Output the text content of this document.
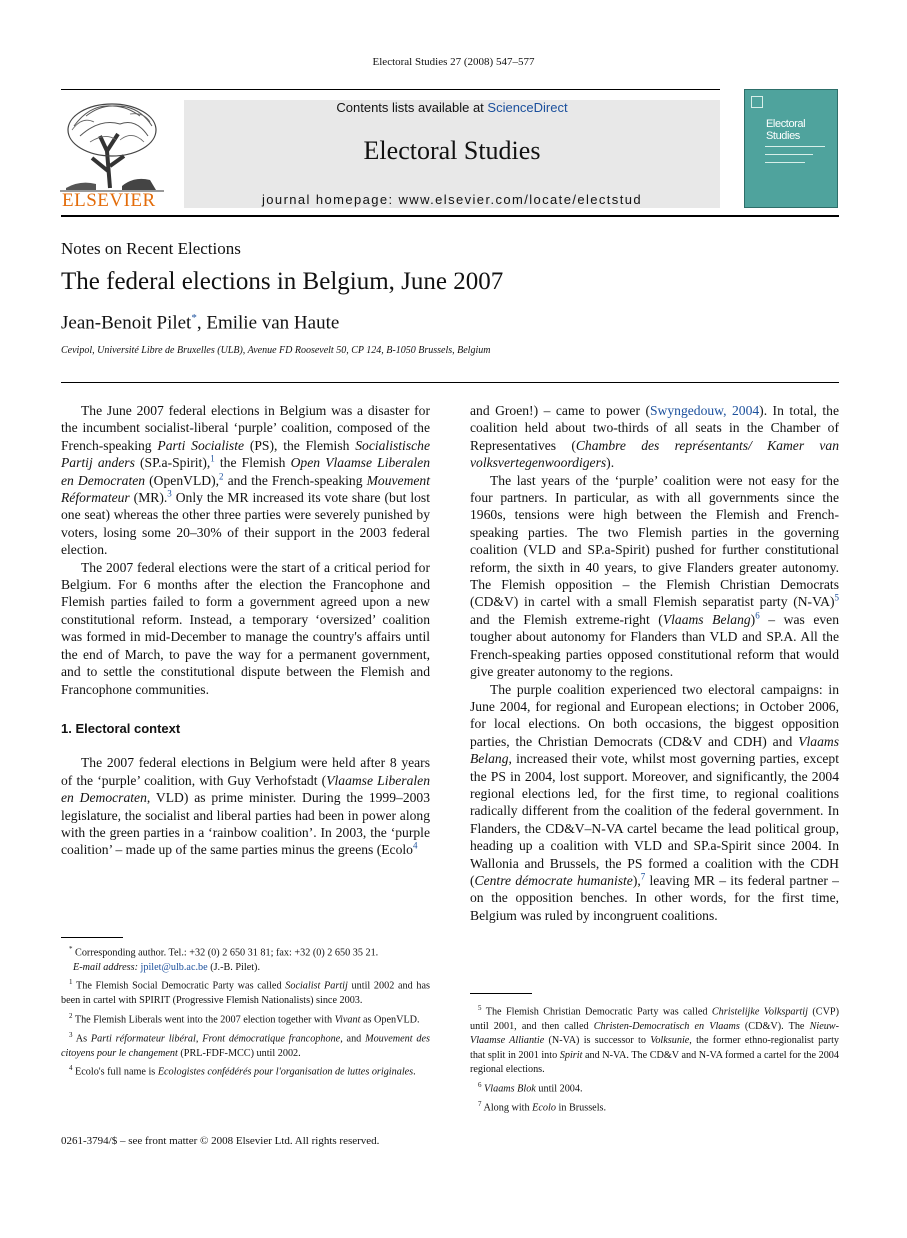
Electoral Studies 27 (2008) 547–577
ELSEVIER
Contents lists available at ScienceDirect
Electoral Studies
journal homepage: www.elsevier.com/locate/electstud
Electoral
Studies
Notes on Recent Elections
The federal elections in Belgium, June 2007
Jean-Benoit Pilet*, Emilie van Haute
Cevipol, Université Libre de Bruxelles (ULB), Avenue FD Roosevelt 50, CP 124, B-1050 Brussels, Belgium

The June 2007 federal elections in Belgium was a disaster for the incumbent socialist-liberal ‘purple’ coalition, composed of the French-speaking Parti Socialiste (PS), the Flemish Socialistische Partij anders (SP.a-Spirit),$^1$ the Flemish Open Vlaamse Liberalen en Democraten (OpenVLD),$^2$ and the French-speaking Mouvement Réformateur (MR).$^3$ Only the MR increased its vote share (but lost one seat) whereas the other three parties were severely punished by voters, losing some 20–30% of their support in the 2003 federal election.

The 2007 federal elections were the start of a critical period for Belgium. For 6 months after the election the Francophone and Flemish parties failed to form a government agreed upon a new constitutional reform. Instead, a temporary ‘oversized’ coalition was formed in mid-December to manage the country's affairs until the end of March, to pave the way for a permanent government, and to settle the constitutional dispute between the Flemish and Francophone communities.

1. Electoral context

The 2007 federal elections in Belgium were held after 8 years of the ‘purple’ coalition, with Guy Verhofstadt (Vlaamse Liberalen en Democraten, VLD) as prime minister. During the 1999–2003 legislature, the socialist and liberal parties had been in power along with the green parties in a ‘rainbow coalition’. In 2003, the ‘purple coalition’ – made up of the same parties minus the greens (Ecolo$^4$

and Groen!) – came to power (Swyngedouw, 2004). In total, the coalition held about two-thirds of all seats in the Chamber of Representatives (Chambre des représentants/ Kamer van volksvertegenwoordigers).

The last years of the ‘purple’ coalition were not easy for the four partners. In particular, as with all governments since the 1960s, tensions were high between the Flemish and French-speaking parties. The two Flemish parties in the governing coalition (VLD and SP.a-Spirit) pushed for further constitutional reform, the sixth in 40 years, to give Flanders greater autonomy. The Flemish opposition – the Flemish Christian Democrats (CD&V) in cartel with a small Flemish separatist party $(N-VA)^5$ and the Flemish extreme-right (Vlaams Belang)$^6$ – was even tougher about autonomy for Flanders than VLD and SP.A. All the French-speaking parties opposed constitutional reform that would give greater autonomy to the regions.

The purple coalition experienced two electoral campaigns: in June 2004, for regional and European elections; in October 2006, for local elections. On both occasions, the biggest opposition parties, the Christian Democrats (CD&V and CDH) and Vlaams Belang, increased their vote, whilst most governing parties, except the PS in 2004, lost support. Moreover, and significantly, the 2004 regional elections led, for the first time, to regional coalitions radically different from the coalition of the federal government. In Flanders, the CD&V–N-VA cartel became the lead political group, heading up a coalition with VLD and SP.a-Spirit since 2004. In Wallonia and Brussels, the PS formed a coalition with the CDH (Centre démocrate humaniste),$^7$ leaving MR – its federal partner – on the opposition benches. In other words, for the first time, Belgium was ruled by incongruent coalitions.

* Corresponding author. Tel.: +32 (0) 2 650 31 81; fax: +32 (0) 2 650 35 21.

E-mail address: jpilet@ulb.ac.be (J.-B. Pilet).

$^1$ The Flemish Social Democratic Party was called Socialist Partij until 2002 and has been in cartel with SPIRIT (Progressive Flemish Nationalists) since 2003.

$^2$ The Flemish Liberals went into the 2007 election together with Vivant as OpenVLD.

$^3$ As Parti réformateur libéral, Front démocratique francophone, and Mouvement des citoyens pour le changement (PRL-FDF-MCC) until 2002.

$^4$ Ecolo's full name is Ecologistes confédérés pour l'organisation de luttes originales.

0261-3794/$ – see front matter © 2008 Elsevier Ltd. All rights reserved.

$^5$ The Flemish Christian Democratic Party was called Christelijke Volkspartij (CVP) until 2001, and then called Christen-Democratisch en Vlaams (CD&V). The Nieuw-Vlaamse Alliantie (N-VA) is successor to Volksunie, the former ethno-regionalist party that split in 2001 into Spirit and N-VA. The CD&V and N-VA formed a cartel for the 2004 regional elections.

$^6$ Vlaams Blok until 2004.

$^7$ Along with Ecolo in Brussels.
